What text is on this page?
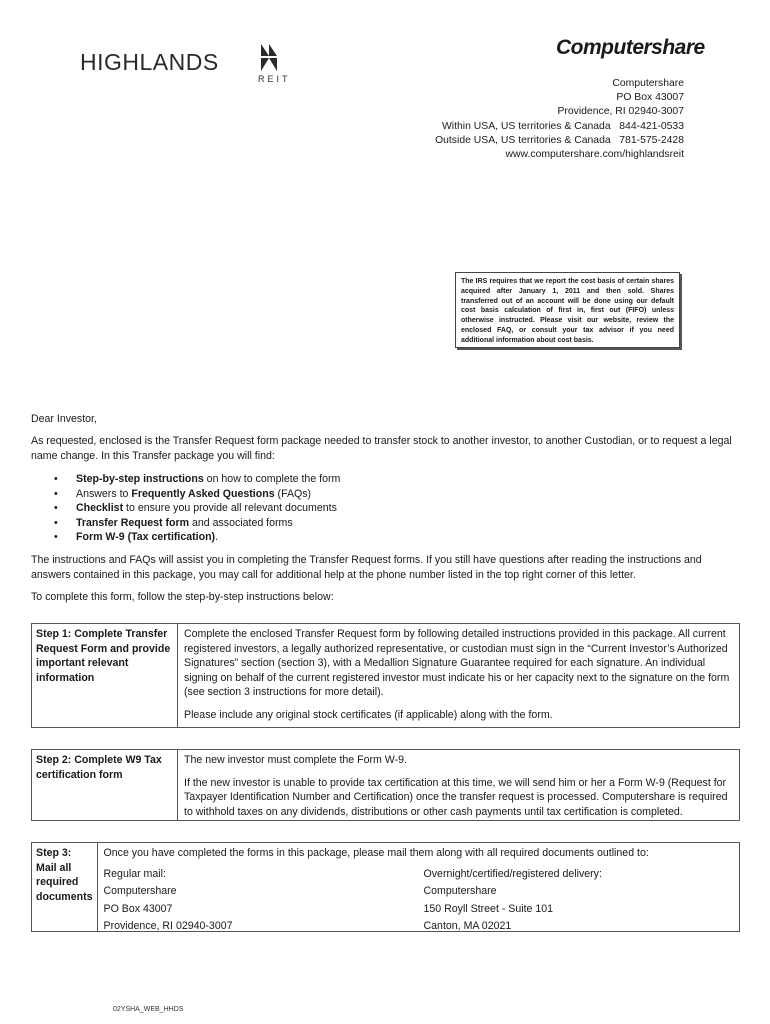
HIGHLANDS
REIT
Computershare
Computershare
PO Box 43007
Providence, RI 02940-3007
Within USA, US territories & Canada   844-421-0533
Outside USA, US territories & Canada   781-575-2428
www.computershare.com/highlandsreit
The IRS requires that we report the cost basis of certain shares acquired after January 1, 2011 and then sold. Shares transferred out of an account will be done using our default cost basis calculation of first in, first out (FIFO) unless otherwise instructed. Please visit our website, review the enclosed FAQ, or consult your tax advisor if you need additional information about cost basis.
Dear Investor,
As requested, enclosed is the Transfer Request form package needed to transfer stock to another investor, to another Custodian, or to request a legal name change. In this Transfer package you will find:
• Step-by-step instructions on how to complete the form
• Answers to Frequently Asked Questions (FAQs)
• Checklist to ensure you provide all relevant documents
• Transfer Request form and associated forms
• Form W-9 (Tax certification).
The instructions and FAQs will assist you in completing the Transfer Request forms. If you still have questions after reading the instructions and answers contained in this package, you may call for additional help at the phone number listed in the top right corner of this letter.
To complete this form, follow the step-by-step instructions below:
Step 1: Complete Transfer Request Form and provide important relevant information

Complete the enclosed Transfer Request form by following detailed instructions provided in this package. All current registered investors, a legally authorized representative, or custodian must sign in the “Current Investor’s Authorized Signatures” section (section 3), with a Medallion Signature Guarantee required for each signature. An individual signing on behalf of the current registered investor must indicate his or her capacity next to the signature on the form (see section 3 instructions for more detail).

Please include any original stock certificates (if applicable) along with the form.

Step 2: Complete W9 Tax certification form

The new investor must complete the Form W-9.

If the new investor is unable to provide tax certification at this time, we will send him or her a Form W-9 (Request for Taxpayer Identification Number and Certification) once the transfer request is processed. Computershare is required to withhold taxes on any dividends, distributions or other cash payments until tax certification is completed.

Step 3: Mail all required documents

Once you have completed the forms in this package, please mail them along with all required documents outlined to:

Regular mail:
Computershare
PO Box 43007
Providence, RI 02940-3007
Overnight/certified/registered delivery:
Computershare
150 Royll Street - Suite 101
Canton, MA 02021
02YSHA_WEB_HHDS
